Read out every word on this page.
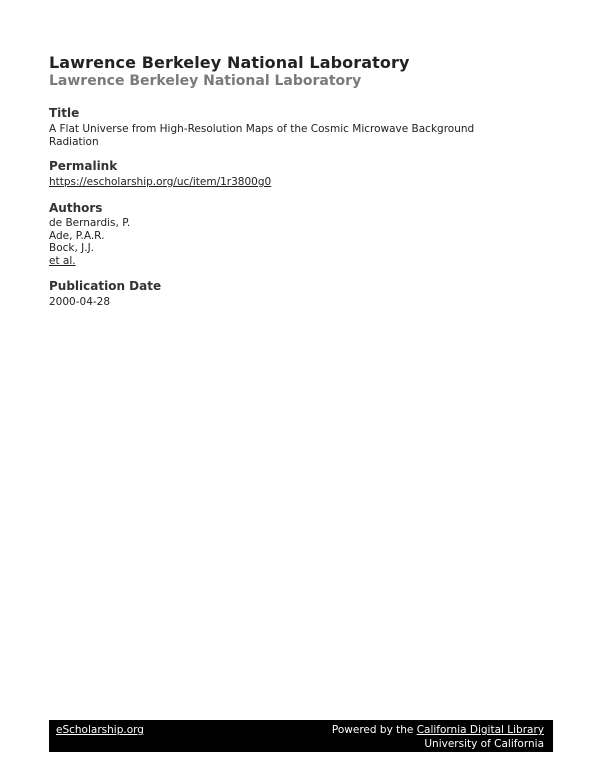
Lawrence Berkeley National Laboratory
Lawrence Berkeley National Laboratory
Title
A Flat Universe from High-Resolution Maps of the Cosmic Microwave Background
Radiation
Permalink
https://escholarship.org/uc/item/1r3800g0
Authors
de Bernardis, P.
Ade, P.A.R.
Bock, J.J.
et al.
Publication Date
2000-04-28
eScholarship.org	Powered by the California Digital Library
University of California
